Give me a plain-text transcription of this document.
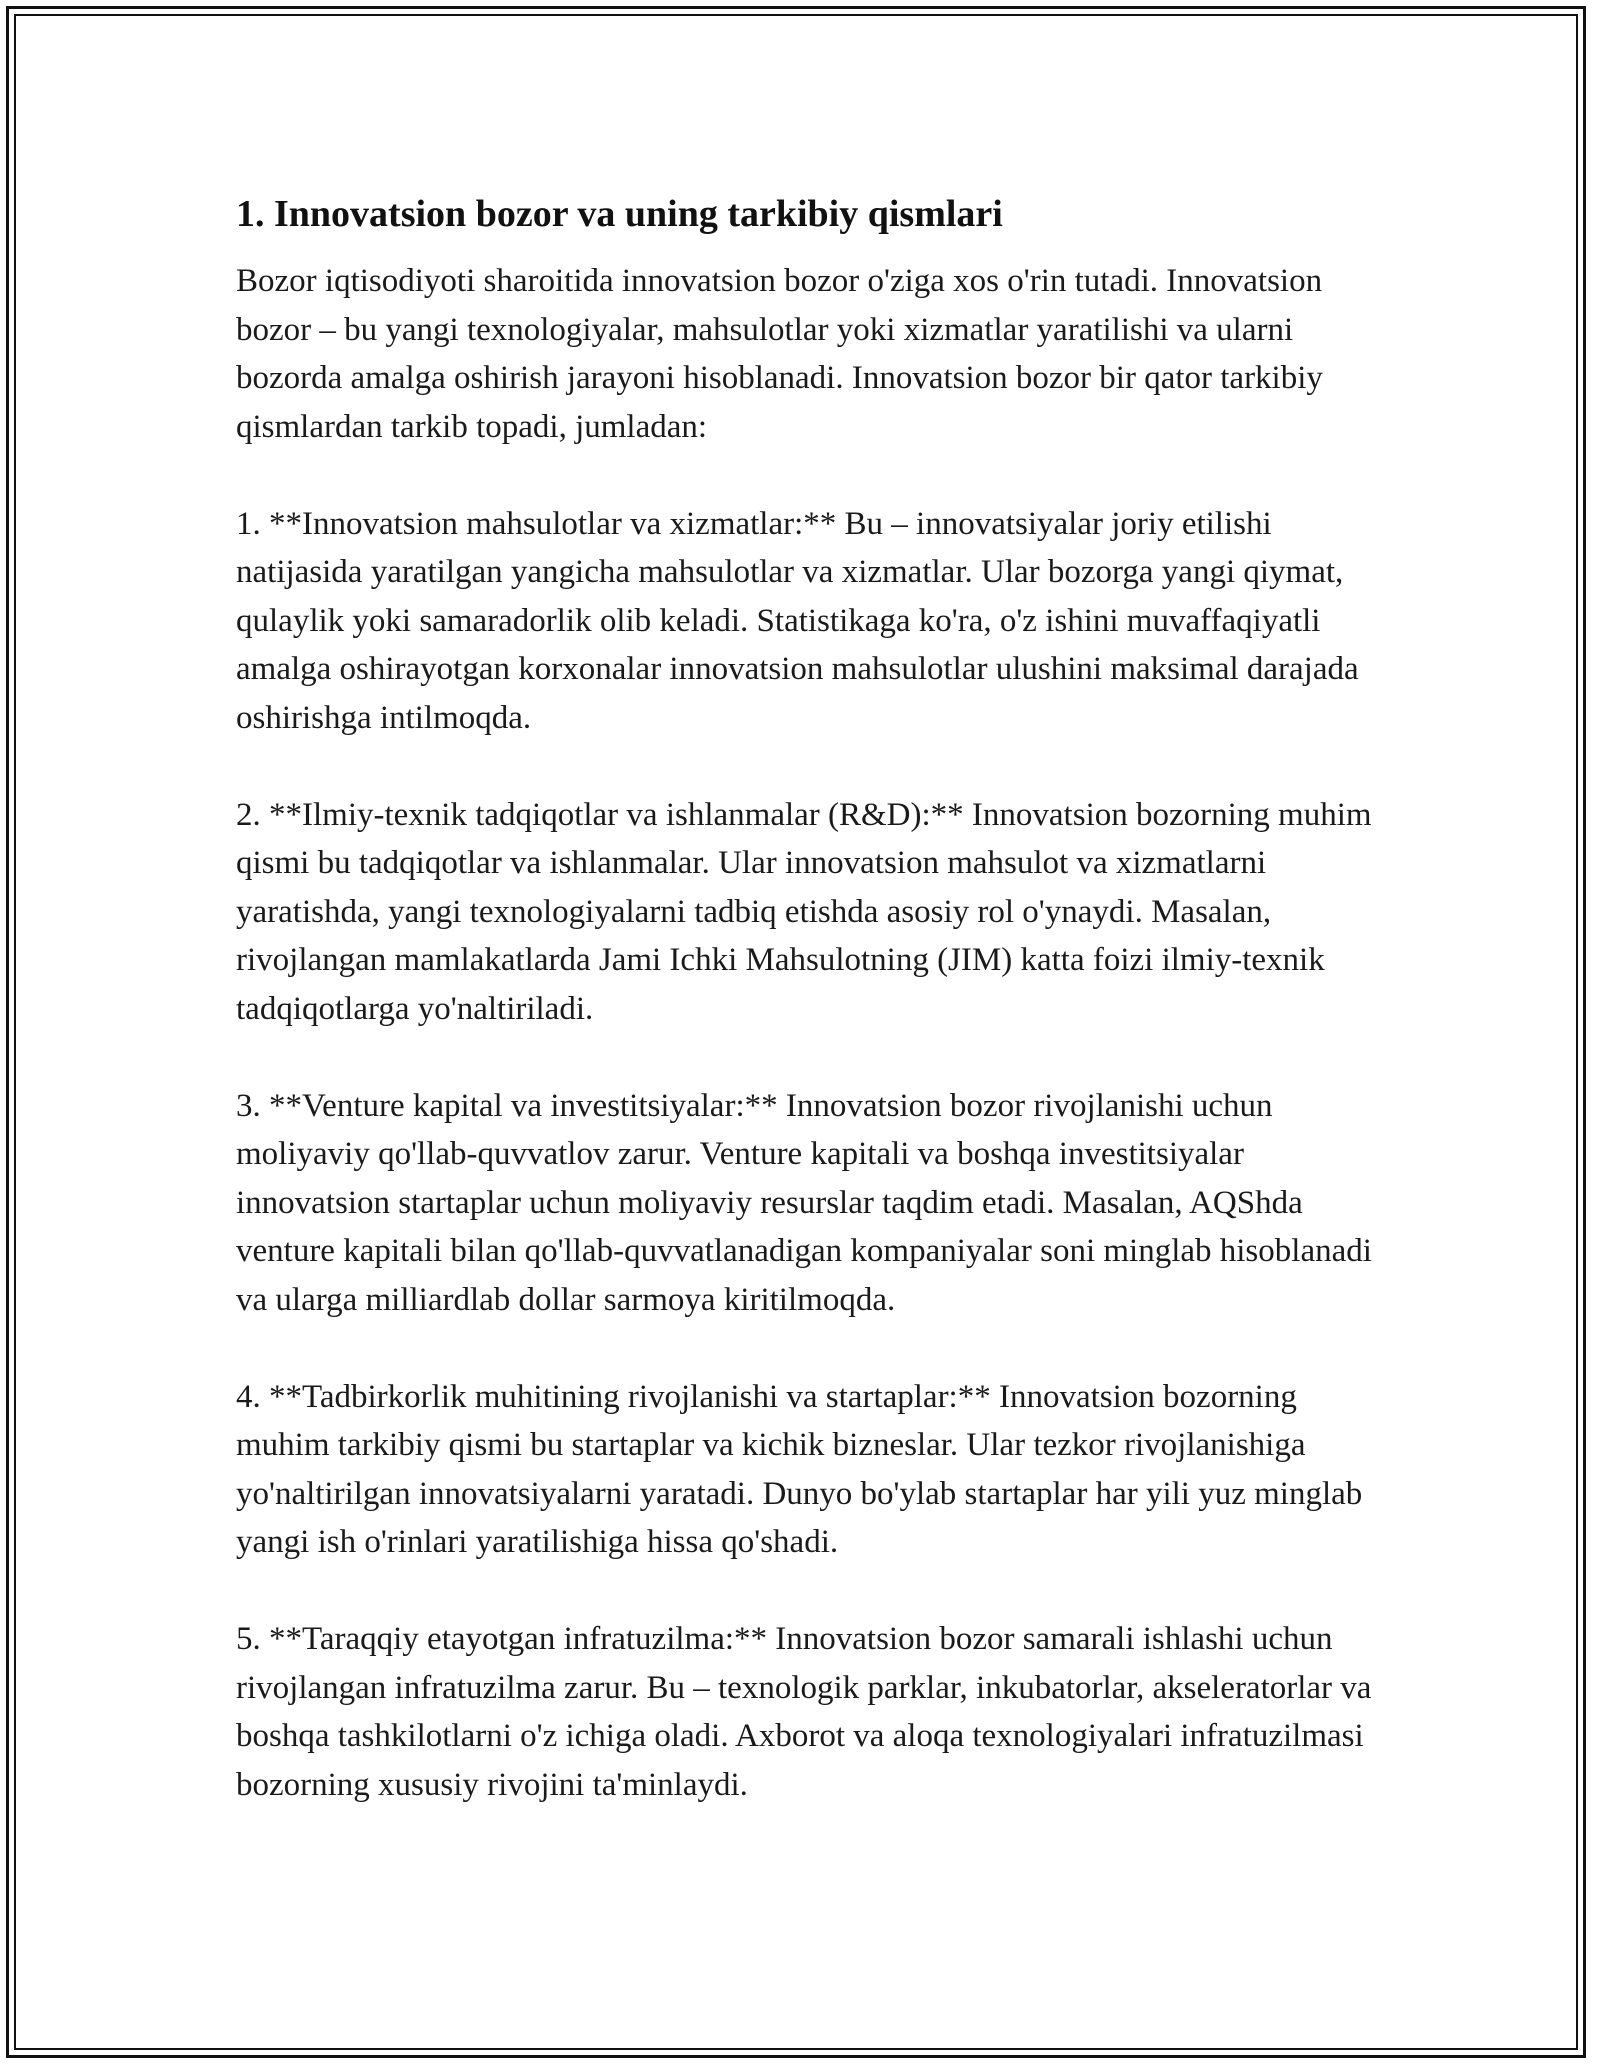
1. Innovatsion bozor va uning tarkibiy qismlari

Bozor iqtisodiyoti sharoitida innovatsion bozor o'ziga xos o'rin tutadi. Innovatsion bozor – bu yangi texnologiyalar, mahsulotlar yoki xizmatlar yaratilishi va ularni bozorda amalga oshirish jarayoni hisoblanadi. Innovatsion bozor bir qator tarkibiy qismlardan tarkib topadi, jumladan:

1. **Innovatsion mahsulotlar va xizmatlar:** Bu – innovatsiyalar joriy etilishi natijasida yaratilgan yangicha mahsulotlar va xizmatlar. Ular bozorga yangi qiymat, qulaylik yoki samaradorlik olib keladi. Statistikaga ko'ra, o'z ishini muvaffaqiyatli amalga oshirayotgan korxonalar innovatsion mahsulotlar ulushini maksimal darajada oshirishga intilmoqda.

2. **Ilmiy-texnik tadqiqotlar va ishlanmalar (R&D):** Innovatsion bozorning muhim qismi bu tadqiqotlar va ishlanmalar. Ular innovatsion mahsulot va xizmatlarni yaratishda, yangi texnologiyalarni tadbiq etishda asosiy rol o'ynaydi. Masalan, rivojlangan mamlakatlarda Jami Ichki Mahsulotning (JIM) katta foizi ilmiy-texnik tadqiqotlarga yo'naltiriladi.

3. **Venture kapital va investitsiyalar:** Innovatsion bozor rivojlanishi uchun moliyaviy qo'llab-quvvatlov zarur. Venture kapitali va boshqa investitsiyalar innovatsion startaplar uchun moliyaviy resurslar taqdim etadi. Masalan, AQShda venture kapitali bilan qo'llab-quvvatlanadigan kompaniyalar soni minglab hisoblanadi va ularga milliardlab dollar sarmoya kiritilmoqda.

4. **Tadbirkorlik muhitining rivojlanishi va startaplar:** Innovatsion bozorning muhim tarkibiy qismi bu startaplar va kichik bizneslar. Ular tezkor rivojlanishiga yo'naltirilgan innovatsiyalarni yaratadi. Dunyo bo'ylab startaplar har yili yuz minglab yangi ish o'rinlari yaratilishiga hissa qo'shadi.

5. **Taraqqiy etayotgan infratuzilma:** Innovatsion bozor samarali ishlashi uchun rivojlangan infratuzilma zarur. Bu – texnologik parklar, inkubatorlar, akseleratorlar va boshqa tashkilotlarni o'z ichiga oladi. Axborot va aloqa texnologiyalari infratuzilmasi bozorning xususiy rivojini ta'minlaydi.
